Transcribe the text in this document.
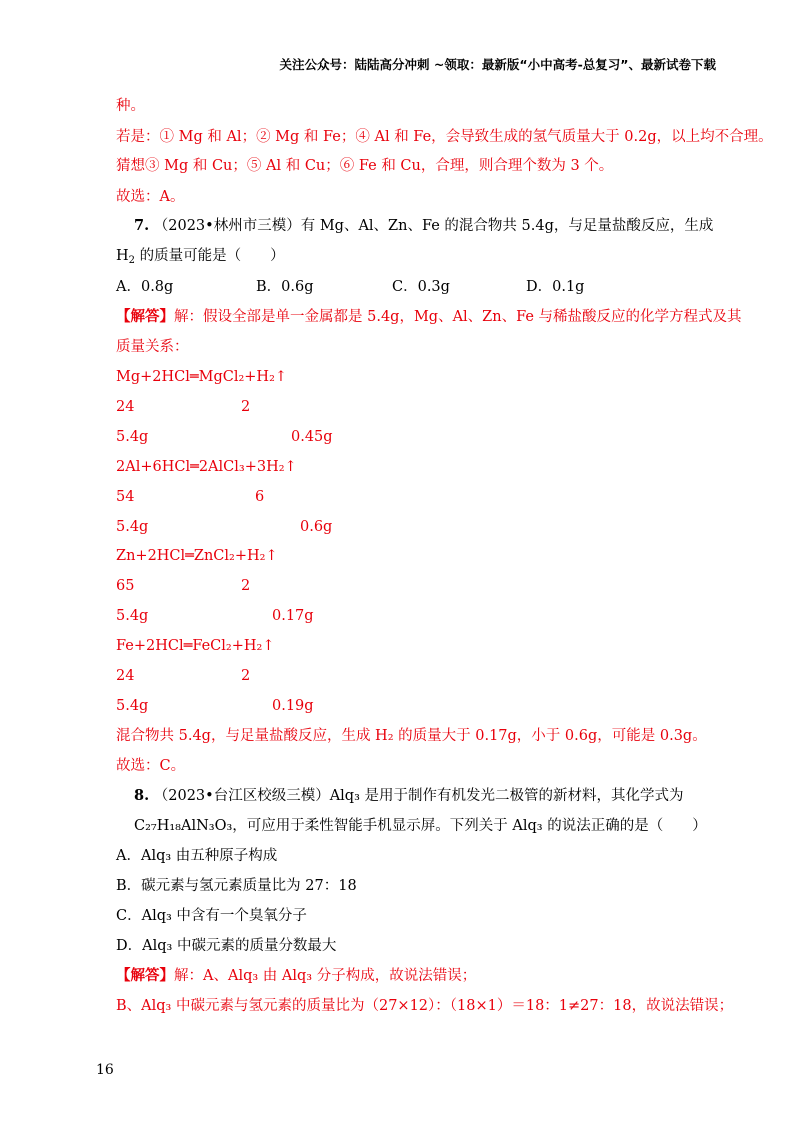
关注公众号：陆陆高分冲刺 ~领取：最新版“小中高考-总复习”、最新试卷下载
种。
若是：① Mg 和 Al；② Mg 和 Fe；④ Al 和 Fe，会导致生成的氢气质量大于 0.2g，以上均不合理。
猜想③ Mg 和 Cu；⑤ Al 和 Cu；⑥ Fe 和 Cu，合理，则合理个数为 3 个。
故选：A。
7. （2023•林州市三模）有 Mg、Al、Zn、Fe 的混合物共 5.4g，与足量盐酸反应，生成
$H_2$ 的质量可能是（　　）
A．0.8g	B．0.6g	C．0.3g	D．0.1g
【解答】解：假设全部是单一金属都是 5.4g，Mg、Al、Zn、Fe 与稀盐酸反应的化学方程式及其
质量关系：
Mg+2HCl═MgCl₂+H₂↑
24	2
5.4g	0.45g
2Al+6HCl═2AlCl₃+3H₂↑
54	6
5.4g	0.6g
Zn+2HCl═ZnCl₂+H₂↑
65	2
5.4g	0.17g
Fe+2HCl═FeCl₂+H₂↑
24	2
5.4g	0.19g
混合物共 5.4g，与足量盐酸反应，生成 H₂ 的质量大于 0.17g，小于 0.6g，可能是 0.3g。
故选：C。
8. （2023•台江区校级三模）Alq₃ 是用于制作有机发光二极管的新材料，其化学式为
C₂₇H₁₈AlN₃O₃，可应用于柔性智能手机显示屏。下列关于 Alq₃ 的说法正确的是（　　）
A．Alq₃ 由五种原子构成
B．碳元素与氢元素质量比为 27：18
C．Alq₃ 中含有一个臭氧分子
D．Alq₃ 中碳元素的质量分数最大
【解答】解：A、Alq₃ 由 Alq₃ 分子构成，故说法错误；
B、Alq₃ 中碳元素与氢元素的质量比为（27×12）：（18×1）＝18：1≠27：18，故说法错误；
16
